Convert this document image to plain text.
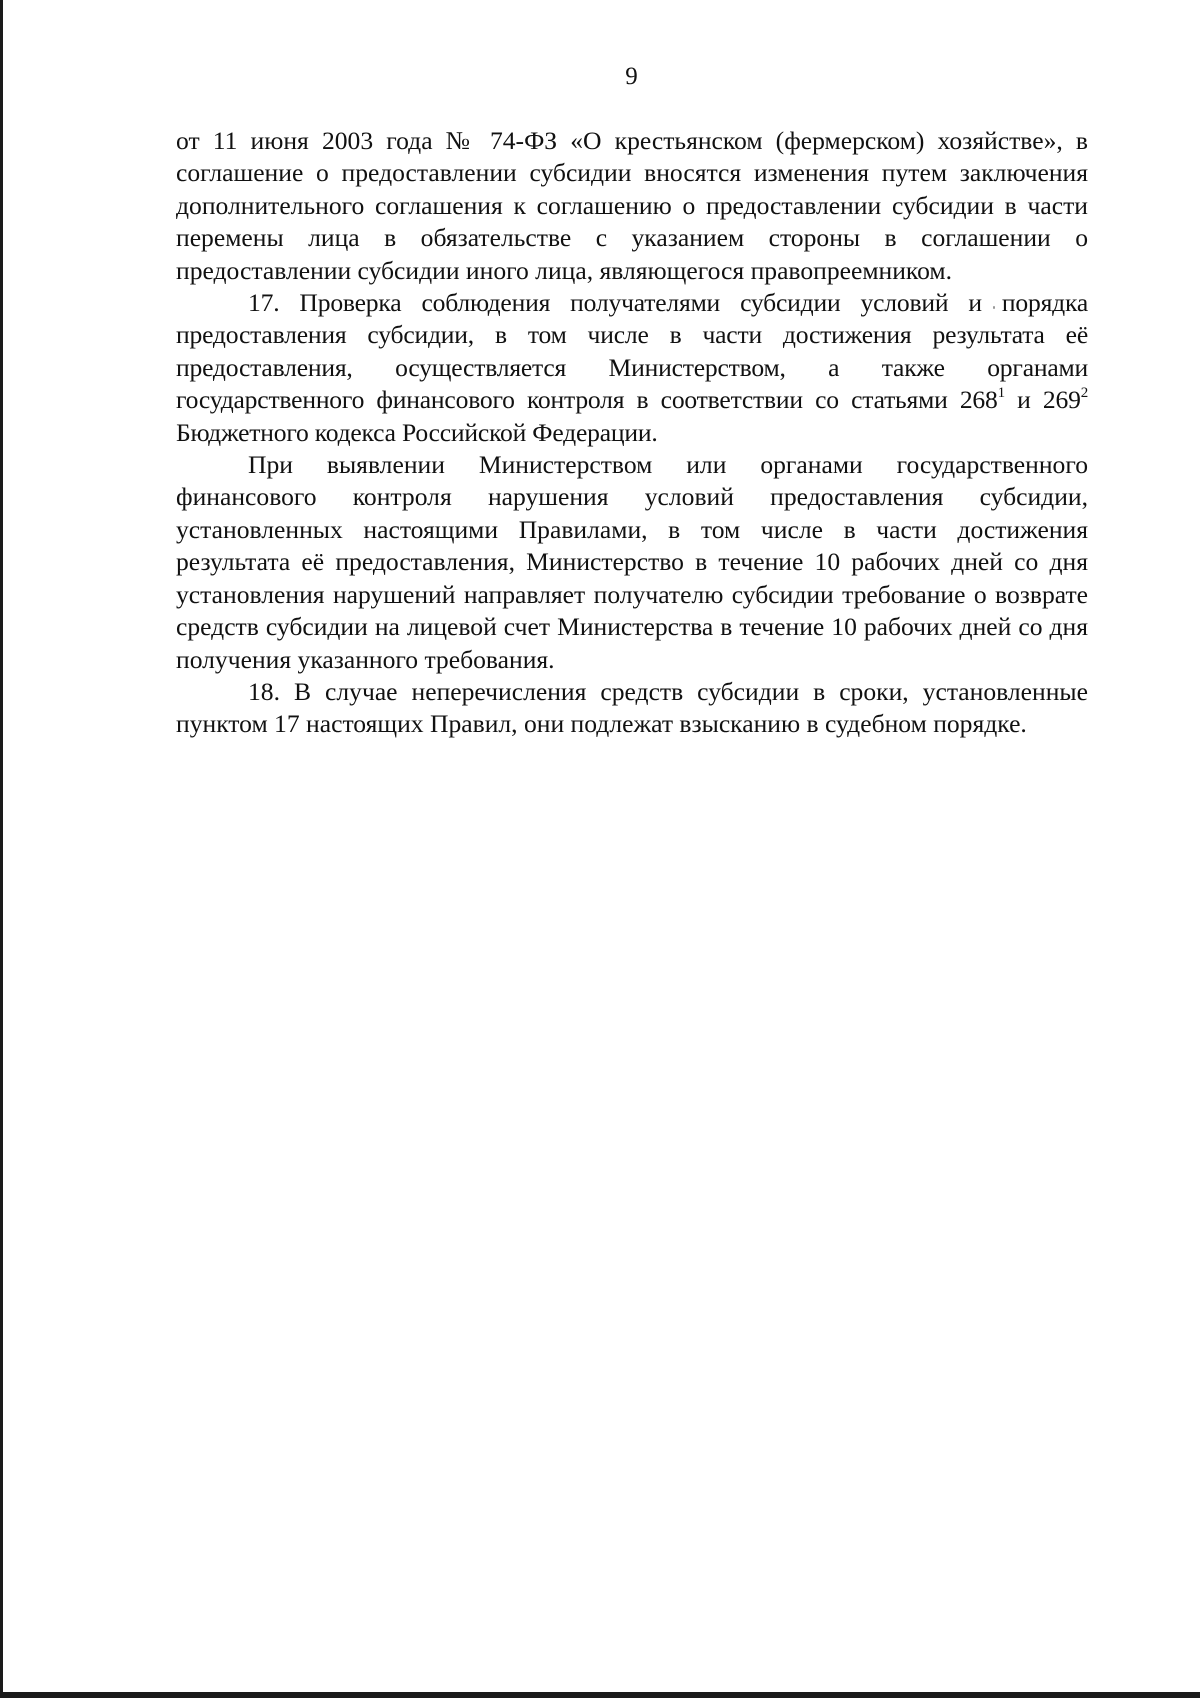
9

от 11 июня 2003 года № 74-ФЗ «О крестьянском (фермерском) хозяйстве», в соглашение о предоставлении субсидии вносятся изменения путем заключения дополнительного соглашения к соглашению о предоставлении субсидии в части перемены лица в обязательстве с указанием стороны в соглашении о предоставлении субсидии иного лица, являющегося правопреемником.

17. Проверка соблюдения получателями субсидии условий и порядка предоставления субсидии, в том числе в части достижения результата её предоставления, осуществляется Министерством, а также органами государственного финансового контроля в соответствии со статьями $268^1$ и $269^2$ Бюджетного кодекса Российской Федерации.

При выявлении Министерством или органами государственного финансового контроля нарушения условий предоставления субсидии, установленных настоящими Правилами, в том числе в части достижения результата её предоставления, Министерство в течение 10 рабочих дней со дня установления нарушений направляет получателю субсидии требование о возврате средств субсидии на лицевой счет Министерства в течение 10 рабочих дней со дня получения указанного требования.

18. В случае неперечисления средств субсидии в сроки, установленные пунктом 17 настоящих Правил, они подлежат взысканию в судебном порядке.
